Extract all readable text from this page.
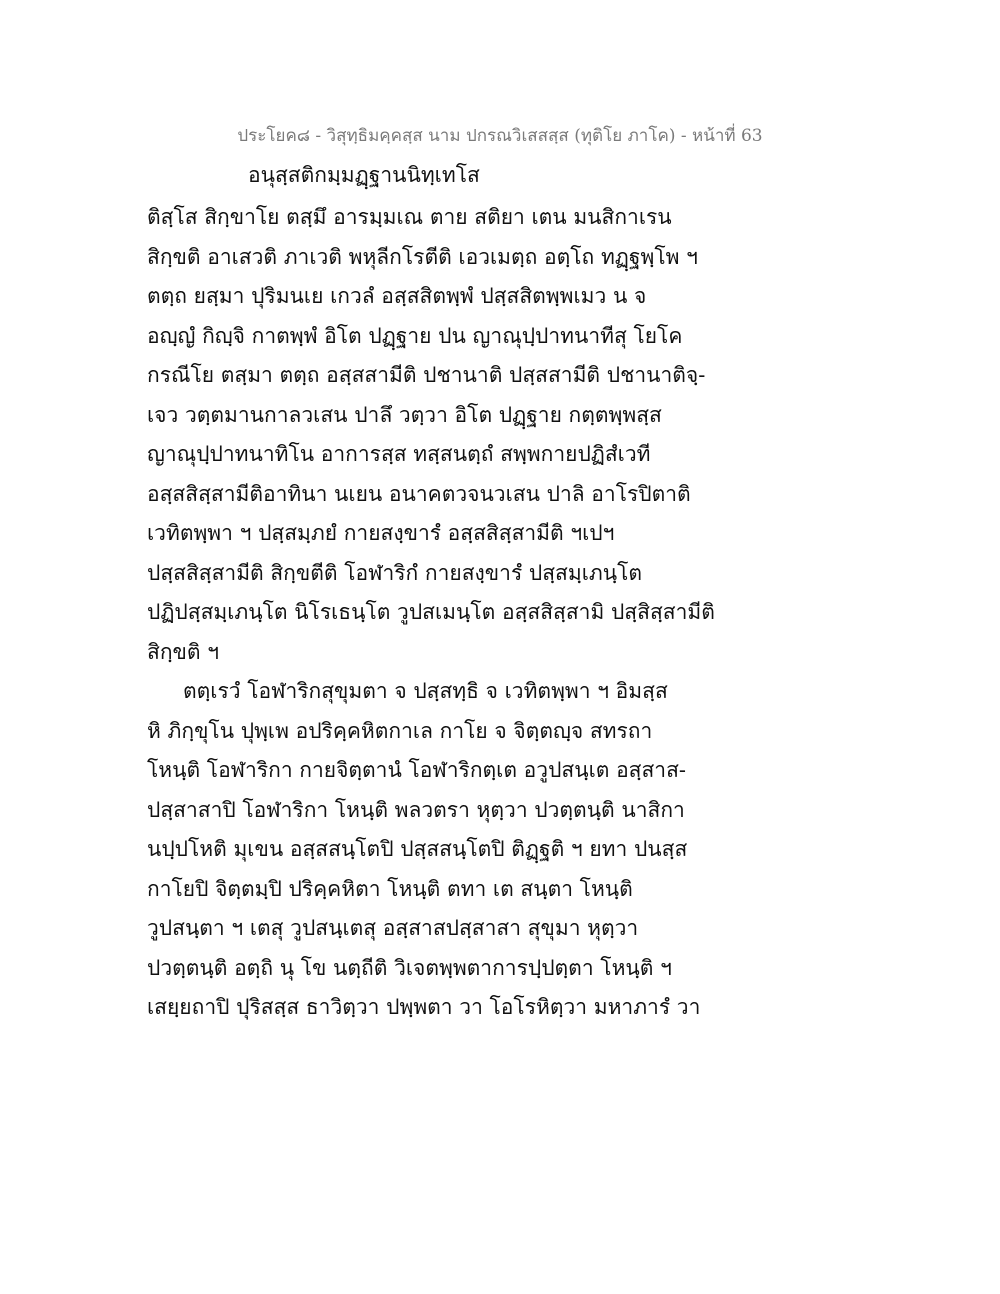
ประโยค๘ - วิสุทฺธิมคฺคสฺส นาม ปกรณวิเสสสฺส (ทุติโย ภาโค) - หน้าที่ 63
อนุสฺสติกมฺมฏฺฐานนิทฺเทโส
ติสฺโส สิกฺขาโย ตสฺมึ อารมฺมเณ ตาย สติยา เตน มนสิกาเรน
สิกฺขติ อาเสวติ ภาเวติ พหุลีกโรตีติ เอวเมตฺถ อตฺโถ ทฏฺฐพฺโพ ฯ
ตตฺถ ยสฺมา ปุริมนเย เกวลํ อสฺสสิตพฺพํ ปสฺสสิตพฺพเมว น จ
อญฺญํ กิญฺจิ กาตพฺพํ อิโต ปฏฺฐาย ปน ญาณุปฺปาทนาทีสุ โยโค
กรณีโย ตสฺมา ตตฺถ อสฺสสามีติ ปชานาติ ปสฺสสามีติ ปชานาติจฺ-
เจว วตฺตมานกาลวเสน ปาลึ วตฺวา อิโต ปฏฺฐาย กตฺตพฺพสฺส
ญาณุปฺปาทนาทิโน อาการสฺส ทสฺสนตฺถํ สพฺพกายปฏิสํเวที
อสฺสสิสฺสามีติอาทินา นเยน อนาคตวจนวเสน ปาลิ อาโรปิตาติ
เวทิตพฺพา ฯ ปสฺสมฺภยํ กายสงฺขารํ อสฺสสิสฺสามีติ ฯเปฯ
ปสฺสสิสฺสามีติ สิกฺขตีติ โอฬาริกํ กายสงฺขารํ ปสฺสมฺเภนฺโต
ปฏิปสฺสมฺเภนฺโต นิโรเธนฺโต วูปสเมนฺโต อสฺสสิสฺสามิ ปสฺสิสฺสามีติ
สิกฺขติ ฯ
ตตฺเรวํ โอฬาริกสุขุมตา จ ปสฺสทฺธิ จ เวทิตพฺพา ฯ อิมสฺส
หิ ภิกฺขุโน ปุพฺเพ อปริคฺคหิตกาเล กาโย จ จิตฺตญฺจ สทรถา
โหนฺติ โอฬาริกา กายจิตฺตานํ โอฬาริกตฺเต อวูปสนฺเต อสฺสาส-
ปสฺสาสาปิ โอฬาริกา โหนฺติ พลวตรา หุตฺวา ปวตฺตนฺติ นาสิกา
นปฺปโหติ มุเขน อสฺสสนฺโตปิ ปสฺสสนฺโตปิ ติฏฺฐติ ฯ ยทา ปนสฺส
กาโยปิ จิตฺตมฺปิ ปริคฺคหิตา โหนฺติ ตทา เต สนฺตา โหนฺติ
วูปสนฺตา ฯ เตสุ วูปสนฺเตสุ อสฺสาสปสฺสาสา สุขุมา หุตฺวา
ปวตฺตนฺติ อตฺถิ นุ โข นตฺถีติ วิเจตพฺพตาการปฺปตฺตา โหนฺติ ฯ
เสยฺยถาปิ ปุริสสฺส ธาวิตฺวา ปพฺพตา วา โอโรหิตฺวา มหาภารํ วา
